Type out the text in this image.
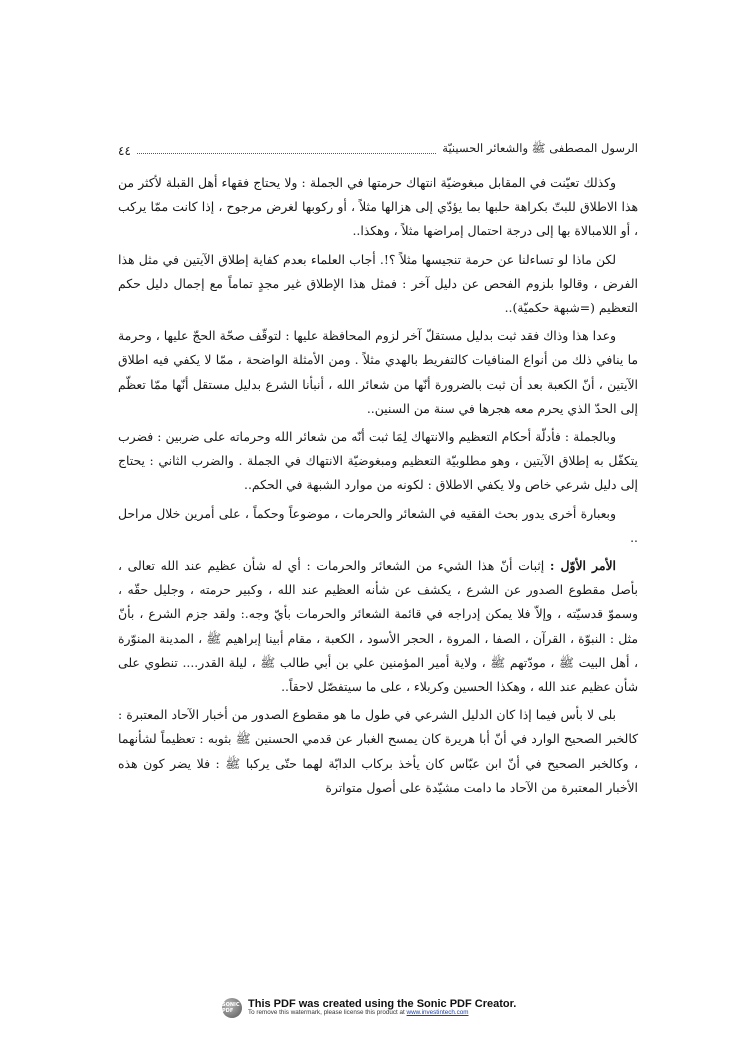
الرسول المصطفى ﷺ والشعائر الحسينيّة
٤٤

وكذلك تعيّنت في المقابل مبغوضيّة انتهاك حرمتها في الجملة : ولا يحتاج فقهاء أهل القبلة لأكثر من هذا الاطلاق للبتّ بكراهة حلبها بما يؤدّي إلى هزالها مثلاً ، أو ركوبها لغرض مرجوح ، إذا كانت ممّا يركب ، أو اللامبالاة بها إلى درجة احتمال إمراضها مثلاً ، وهكذا..

لكن ماذا لو تساءلنا عن حرمة تنجيسها مثلاً ؟!. أجاب العلماء بعدم كفاية إطلاق الآيتين في مثل هذا الفرض ، وقالوا بلزوم الفحص عن دليل آخر : فمثل هذا الإطلاق غير مجدٍ تماماً مع إجمال دليل حكم التعظيم (=شبهة حكميّة)..

وعدا هذا وذاك فقد ثبت بدليل مستقلّ آخر لزوم المحافظة عليها : لتوقّف صحّة الحجّ عليها ، وحرمة ما ينافي ذلك من أنواع المنافيات كالتفريط بالهدي مثلاً . ومن الأمثلة الواضحة ، ممّا لا يكفي فيه اطلاق الآيتين ، أنّ الكعبة بعد أن ثبت بالضرورة أنّها من شعائر الله ، أنبأنا الشرع بدليل مستقل أنّها ممّا تعظّم إلى الحدّ الذي يحرم معه هجرها في سنة من السنين..

وبالجملة : فأدلّة أحكام التعظيم والانتهاك لِمَا ثبت أنّه من شعائر الله وحرماته على ضربين : فضرب يتكفّل به إطلاق الآيتين ، وهو مطلوبيّة التعظيم ومبغوضيّة الانتهاك في الجملة . والضرب الثاني : يحتاج إلى دليل شرعي خاص ولا يكفي الاطلاق : لكونه من موارد الشبهة في الحكم..

وبعبارة أخرى يدور بحث الفقيه في الشعائر والحرمات ، موضوعاً وحكماً ، على أمرين خلال مراحل ..

الأمر الأوّل : إثبات أنّ هذا الشيء من الشعائر والحرمات : أي له شأن عظيم عند الله تعالى ، بأصل مقطوع الصدور عن الشرع ، يكشف عن شأنه العظيم عند الله ، وكبير حرمته ، وجليل حقّه ، وسموّ قدسيّته ، وإلاّ فلا يمكن إدراجه في قائمة الشعائر والحرمات بأيّ وجه.: ولقد جزم الشرع ، بأنّ مثل : النبوّة ، القرآن ، الصفا ، المروة ، الحجر الأسود ، الكعبة ، مقام أبينا إبراهيم ﷺ ، المدينة المنوّرة ، أهل البيت ﷺ ، مودّتهم ﷺ ، ولاية أمير المؤمنين علي بن أبي طالب ﷺ ، ليلة القدر.... تنطوي على شأن عظيم عند الله ، وهكذا الحسين وكربلاء ، على ما سيتفصّل لاحقاً..

بلى لا بأس فيما إذا كان الدليل الشرعي في طول ما هو مقطوع الصدور من أخبار الآحاد المعتبرة : كالخبر الصحيح الوارد في أنّ أبا هريرة كان يمسح الغبار عن قدمي الحسنين ﷺ بثوبه : تعظيماً لشأنهما ، وكالخبر الصحيح في أنّ ابن عبّاس كان يأخذ بركاب الدابّة لهما حتّى يركبا ﷺ : فلا يضر كون هذه الأخبار المعتبرة من الآحاد ما دامت مشيّدة على أصول متواترة

SONIC PDF
This PDF was created using the Sonic PDF Creator.
To remove this watermark, please license this product at www.investintech.com
